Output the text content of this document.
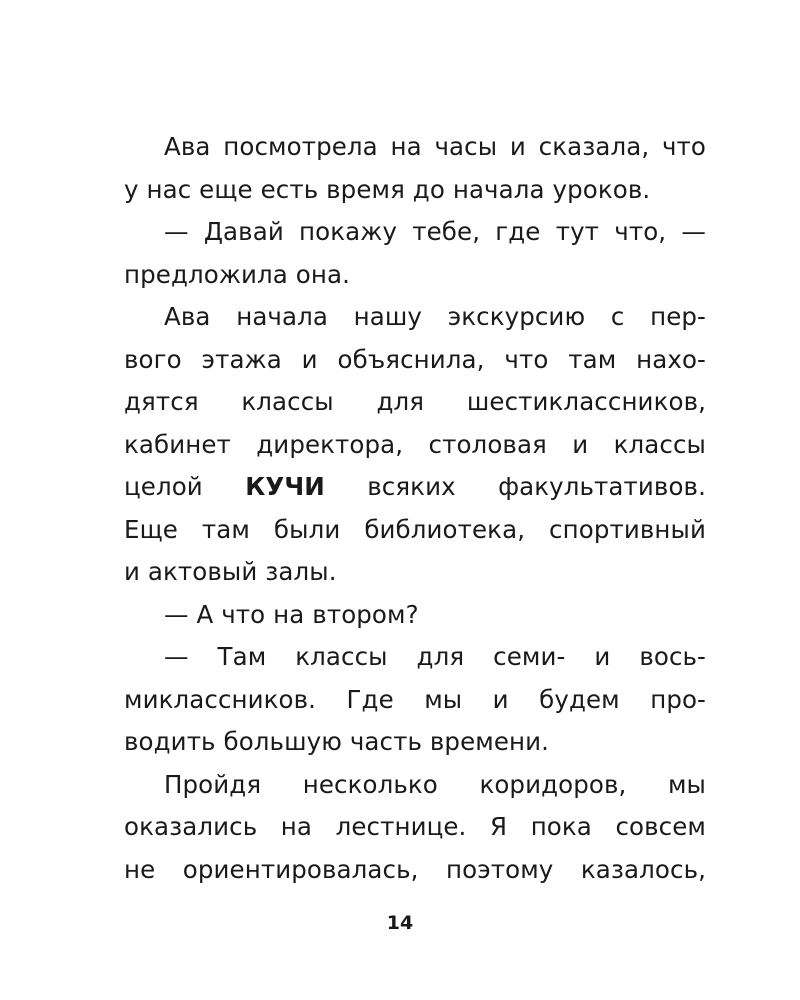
Ава посмотрела на часы и сказала, что
у нас еще есть время до начала уроков.
— Давай покажу тебе, где тут что, —
предложила она.
Ава начала нашу экскурсию с пер-
вого этажа и объяснила, что там нахо-
дятся классы для шестиклассников,
кабинет директора, столовая и классы
целой КУЧИ всяких факультативов.
Еще там были библиотека, спортивный
и актовый залы.
— А что на втором?
— Там классы для семи- и вось-
миклассников. Где мы и будем про-
водить большую часть времени.
Пройдя несколько коридоров, мы
оказались на лестнице. Я пока совсем
не ориентировалась, поэтому казалось,
14
